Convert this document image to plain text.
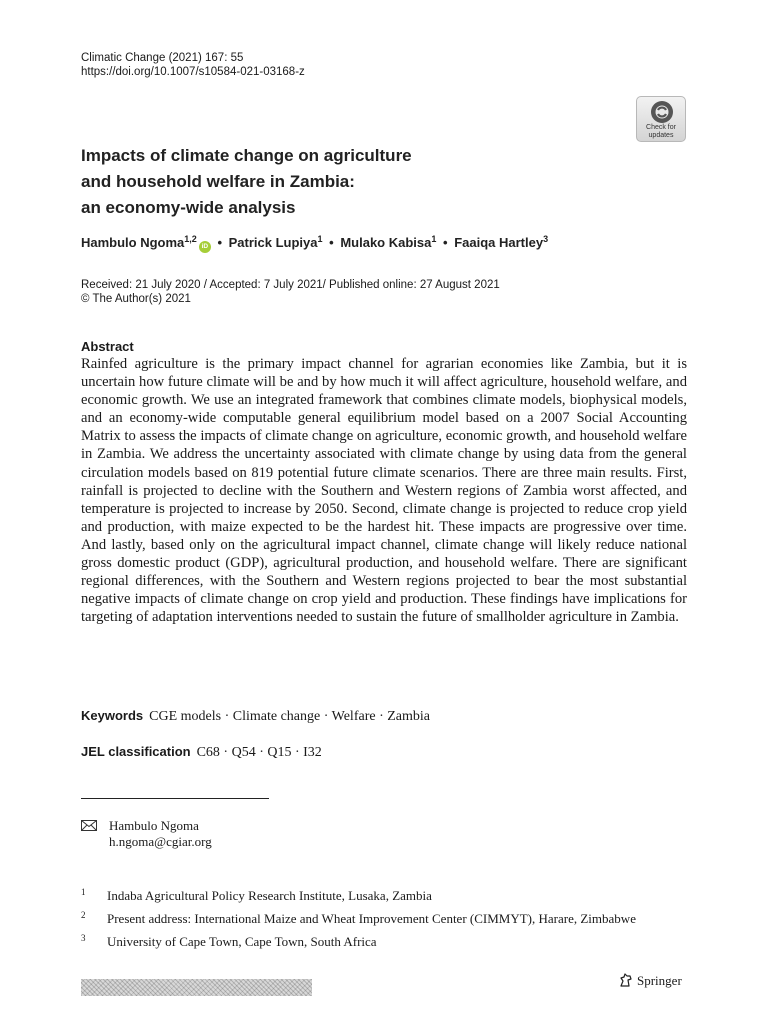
Climatic Change (2021) 167: 55
https://doi.org/10.1007/s10584-021-03168-z
Check for
updates
Impacts of climate change on agriculture
and household welfare in Zambia:
an economy-wide analysis
Hambulo Ngoma$^{1,2}$iD • Patrick Lupiya$^1$ • Mulako Kabisa$^1$ • Faaiqa Hartley$^3$
Received: 21 July 2020 / Accepted: 7 July 2021/ Published online: 27 August 2021
© The Author(s) 2021
Abstract
Rainfed agriculture is the primary impact channel for agrarian economies like Zambia, but it is uncertain how future climate will be and by how much it will affect agriculture, household welfare, and economic growth. We use an integrated framework that combines climate models, biophysical models, and an economy-wide computable general equilibrium model based on a 2007 Social Accounting Matrix to assess the impacts of climate change on agriculture, economic growth, and household welfare in Zambia. We address the uncertainty associated with climate change by using data from the general circulation models based on 819 potential future climate scenarios. There are three main results. First, rainfall is projected to decline with the Southern and Western regions of Zambia worst affected, and temperature is projected to increase by 2050. Second, climate change is projected to reduce crop yield and production, with maize expected to be the hardest hit. These impacts are progressive over time. And lastly, based only on the agricultural impact channel, climate change will likely reduce national gross domestic product (GDP), agricultural production, and household welfare. There are significant regional differences, with the Southern and Western regions projected to bear the most substantial negative impacts of climate change on crop yield and production. These findings have implications for targeting of adaptation interventions needed to sustain the future of smallholder agriculture in Zambia.
Keywords CGE models · Climate change · Welfare · Zambia
JEL classification C68 · Q54 · Q15 · I32
Hambulo Ngoma
h.ngoma@cgiar.org
1 Indaba Agricultural Policy Research Institute, Lusaka, Zambia
2 Present address: International Maize and Wheat Improvement Center (CIMMYT), Harare, Zimbabwe
3 University of Cape Town, Cape Town, South Africa
Springer
